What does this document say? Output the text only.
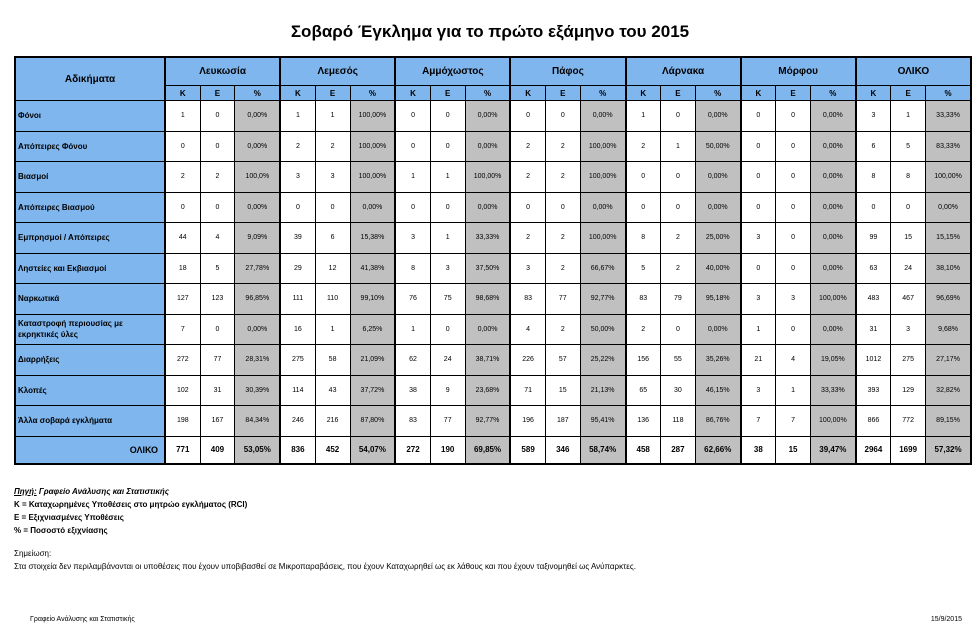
Σοβαρό Έγκλημα για το πρώτο εξάμηνο του 2015
Αδικήματα	Λευκωσία			Λεμεσός			Αμμόχωστος			Πάφος			Λάρνακα			Μόρφου			ΟΛΙΚΟ		
	Κ	Ε	%	Κ	Ε	%	Κ	Ε	%	Κ	Ε	%	Κ	Ε	%	Κ	Ε	%	Κ	Ε	%
Φόνοι	1	0	0,00%	1	1	100,00%	0	0	0,00%	0	0	0,00%	1	0	0,00%	0	0	0,00%	3	1	33,33%
Απόπειρες Φόνου	0	0	0,00%	2	2	100,00%	0	0	0,00%	2	2	100,00%	2	1	50,00%	0	0	0,00%	6	5	83,33%
Βιασμοί	2	2	100,0%	3	3	100,00%	1	1	100,00%	2	2	100,00%	0	0	0,00%	0	0	0,00%	8	8	100,00%
Απόπειρες Βιασμού	0	0	0,00%	0	0	0,00%	0	0	0,00%	0	0	0,00%	0	0	0,00%	0	0	0,00%	0	0	0,00%
Εμπρησμοί / Απόπειρες	44	4	9,09%	39	6	15,38%	3	1	33,33%	2	2	100,00%	8	2	25,00%	3	0	0,00%	99	15	15,15%
Ληστείες και Εκβιασμοί	18	5	27,78%	29	12	41,38%	8	3	37,50%	3	2	66,67%	5	2	40,00%	0	0	0,00%	63	24	38,10%
Ναρκωτικά	127	123	96,85%	111	110	99,10%	76	75	98,68%	83	77	92,77%	83	79	95,18%	3	3	100,00%	483	467	96,69%
Καταστροφή περιουσίας με εκρηκτικές ύλες	7	0	0,00%	16	1	6,25%	1	0	0,00%	4	2	50,00%	2	0	0,00%	1	0	0,00%	31	3	9,68%
Διαρρήξεις	272	77	28,31%	275	58	21,09%	62	24	38,71%	226	57	25,22%	156	55	35,26%	21	4	19,05%	1012	275	27,17%
Κλοπές	102	31	30,39%	114	43	37,72%	38	9	23,68%	71	15	21,13%	65	30	46,15%	3	1	33,33%	393	129	32,82%
Άλλα σοβαρά εγκλήματα	198	167	84,34%	246	216	87,80%	83	77	92,77%	196	187	95,41%	136	118	86,76%	7	7	100,00%	866	772	89,15%
ΟΛΙΚΟ	771	409	53,05%	836	452	54,07%	272	190	69,85%	589	346	58,74%	458	287	62,66%	38	15	39,47%	2964	1699	57,32%
Πηγή: Γραφείο Ανάλυσης και Στατιστικής
Κ = Καταχωρημένες Υποθέσεις στο μητρώο εγκλήματος (RCI)
Ε = Εξιχνιασμένες Υποθέσεις
% = Ποσοστό εξιχνίασης
Σημείωση:
Στα στοιχεία δεν περιλαμβάνονται οι υποθέσεις που έχουν υποβιβασθεί σε Μικροπαραβάσεις, που έχουν Καταχωρηθεί ως εκ λάθους και που έχουν ταξινομηθεί ως Ανύπαρκτες.
Γραφείο Ανάλυσης και Στατιστικής	15/9/2015
